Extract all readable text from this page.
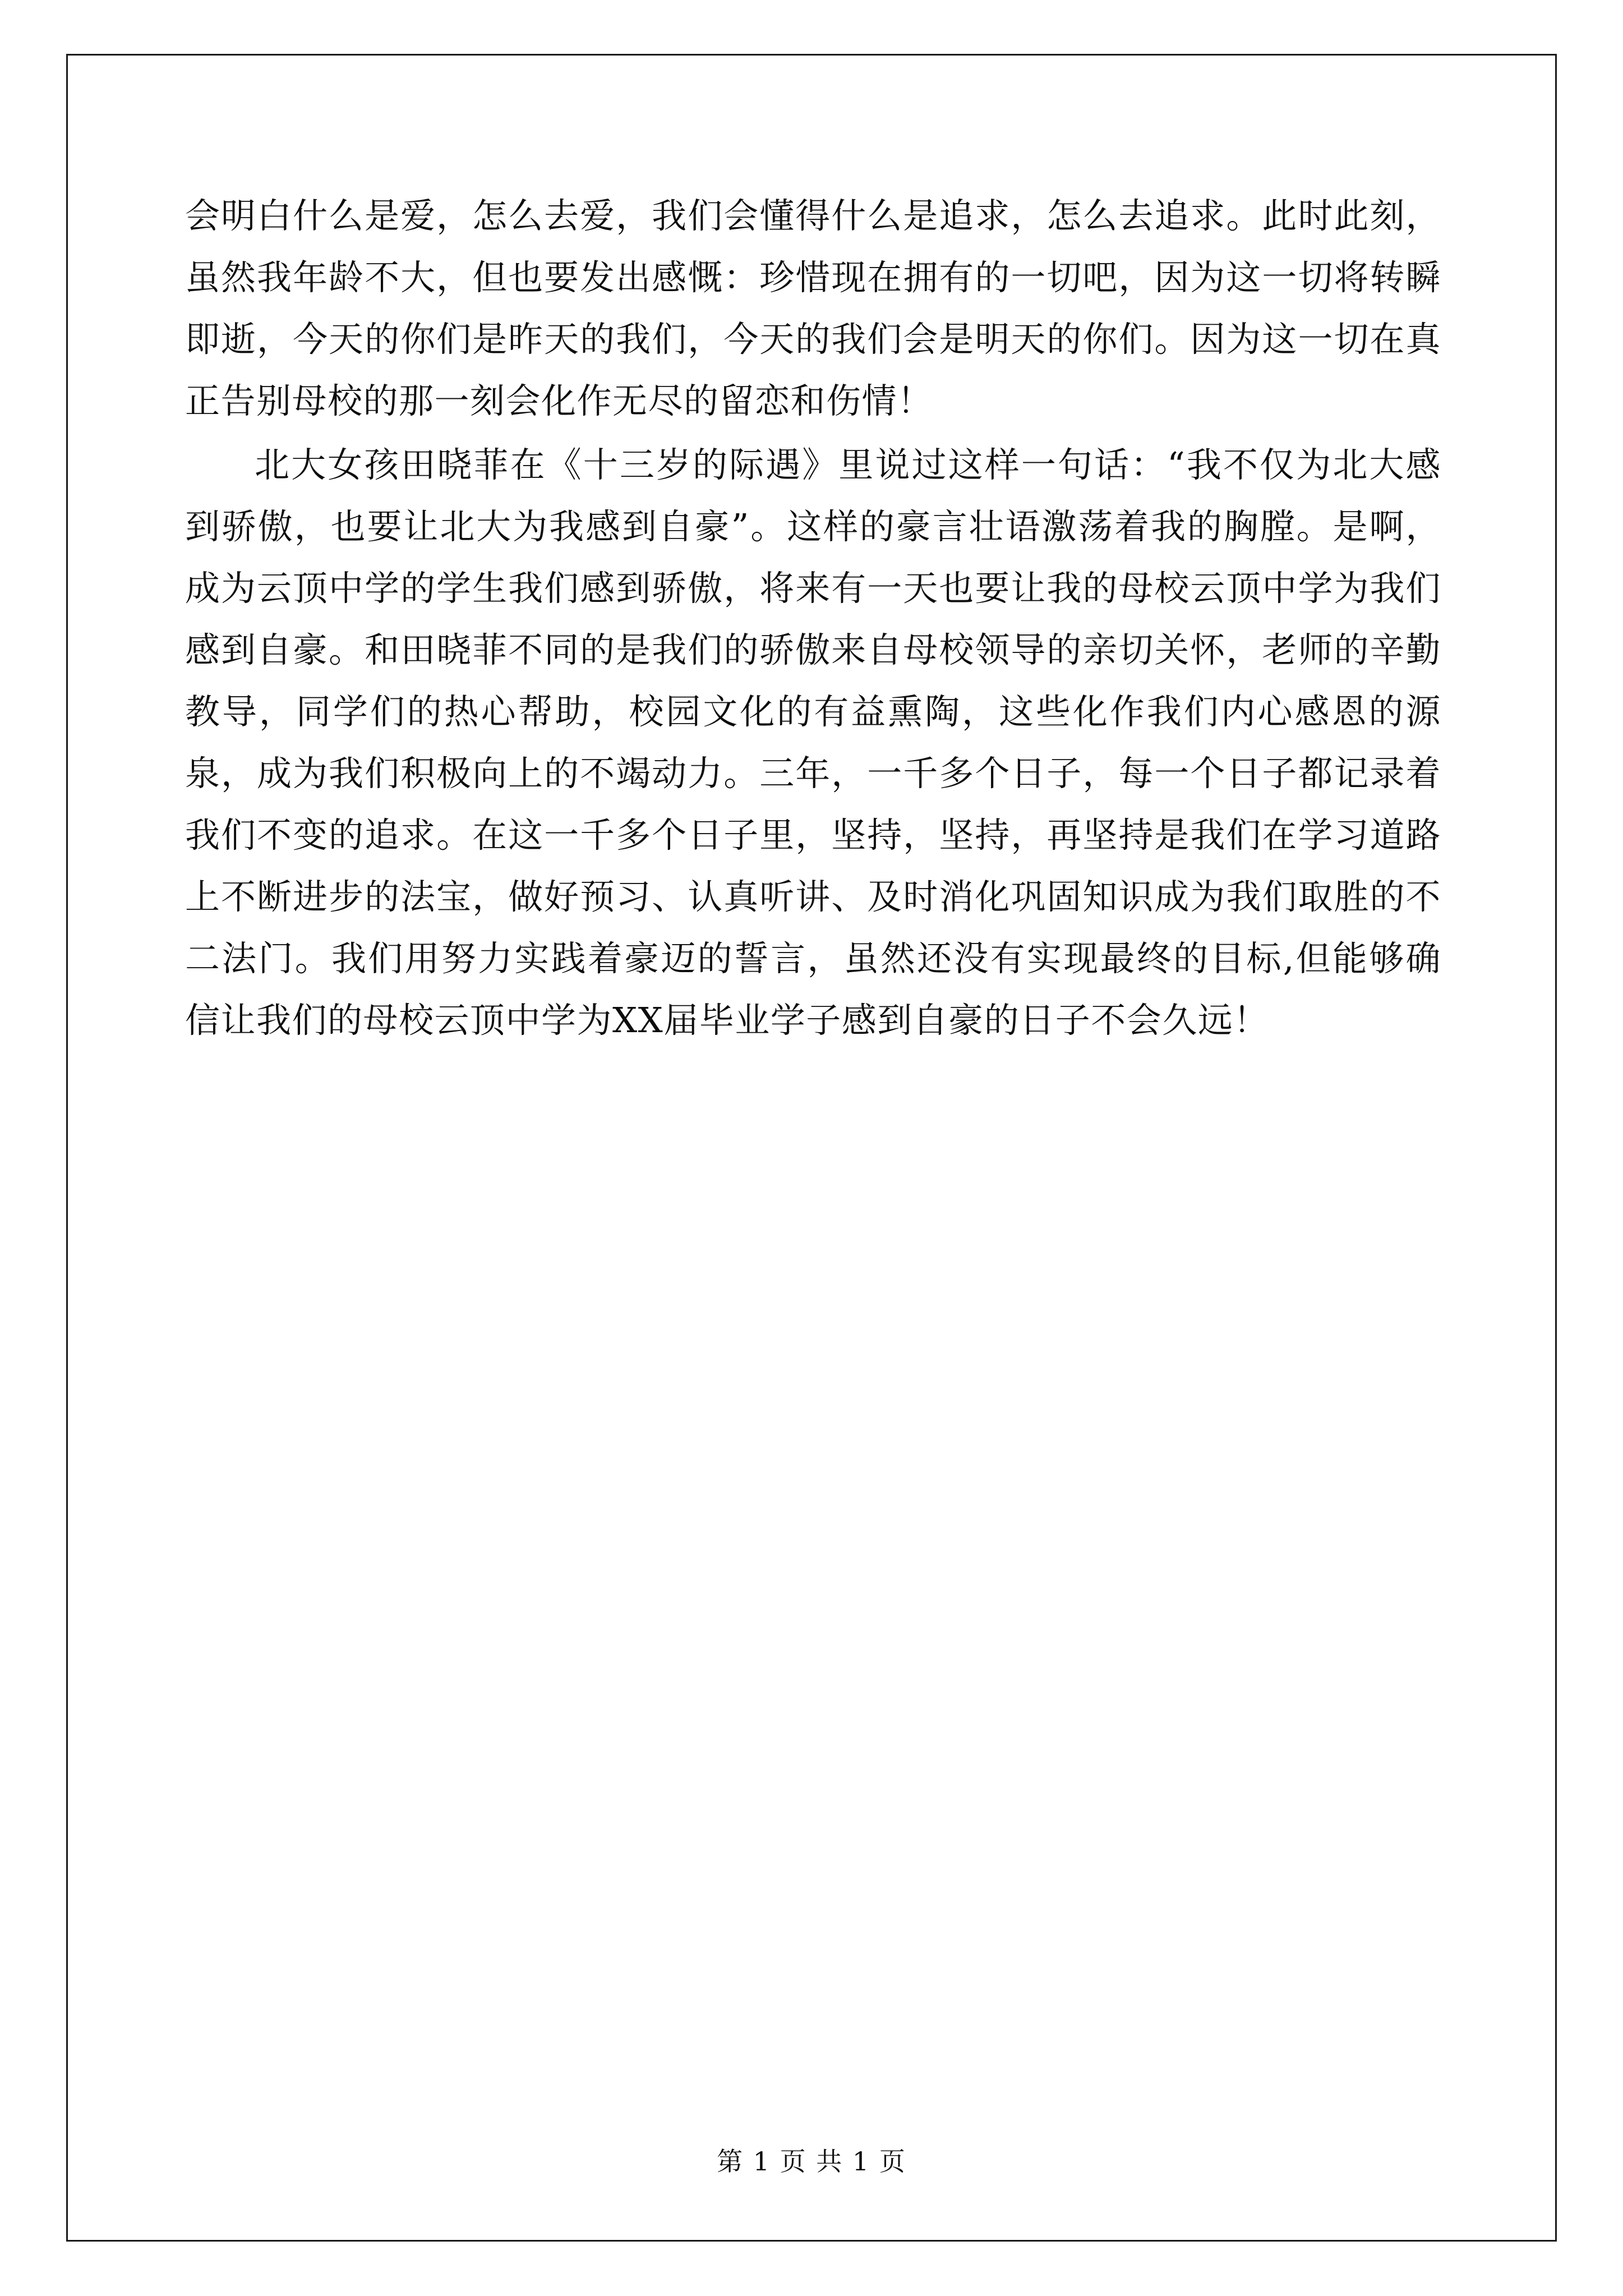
会明白什么是爱，怎么去爱，我们会懂得什么是追求，怎么去追求。此时此刻，虽然我年龄不大，但也要发出感慨：珍惜现在拥有的一切吧，因为这一切将转瞬即逝，今天的你们是昨天的我们，今天的我们会是明天的你们。因为这一切在真正告别母校的那一刻会化作无尽的留恋和伤情！

北大女孩田晓菲在《十三岁的际遇》里说过这样一句话：“我不仅为北大感到骄傲，也要让北大为我感到自豪”。这样的豪言壮语激荡着我的胸膛。是啊，成为云顶中学的学生我们感到骄傲，将来有一天也要让我的母校云顶中学为我们感到自豪。和田晓菲不同的是我们的骄傲来自母校领导的亲切关怀，老师的辛勤教导，同学们的热心帮助，校园文化的有益熏陶，这些化作我们内心感恩的源泉，成为我们积极向上的不竭动力。三年，一千多个日子，每一个日子都记录着我们不变的追求。在这一千多个日子里，坚持，坚持，再坚持是我们在学习道路上不断进步的法宝，做好预习、认真听讲、及时消化巩固知识成为我们取胜的不二法门。我们用努力实践着豪迈的誓言，虽然还没有实现最终的目标,但能够确信让我们的母校云顶中学为XX届毕业学子感到自豪的日子不会久远！

第 1 页 共 1 页
